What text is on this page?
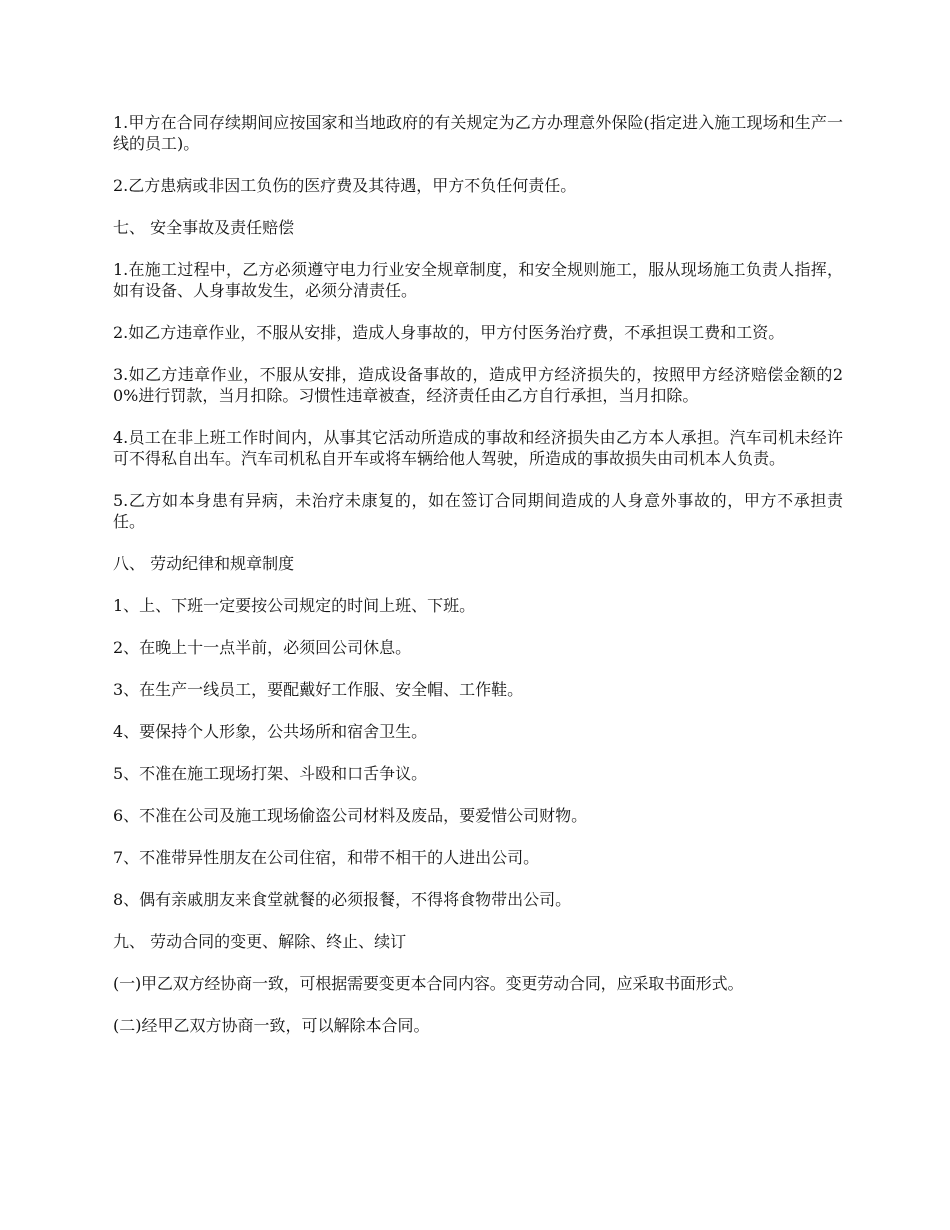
1.甲方在合同存续期间应按国家和当地政府的有关规定为乙方办理意外保险(指定进入施工现场和生产一线的员工)。

2.乙方患病或非因工负伤的医疗费及其待遇，甲方不负任何责任。

七、 安全事故及责任赔偿

1.在施工过程中，乙方必须遵守电力行业安全规章制度，和安全规则施工，服从现场施工负责人指挥，如有设备、人身事故发生，必须分清责任。

2.如乙方违章作业，不服从安排，造成人身事故的，甲方付医务治疗费，不承担误工费和工资。

3.如乙方违章作业，不服从安排，造成设备事故的，造成甲方经济损失的，按照甲方经济赔偿金额的20%进行罚款，当月扣除。习惯性违章被查，经济责任由乙方自行承担，当月扣除。

4.员工在非上班工作时间内，从事其它活动所造成的事故和经济损失由乙方本人承担。汽车司机未经许可不得私自出车。汽车司机私自开车或将车辆给他人驾驶，所造成的事故损失由司机本人负责。

5.乙方如本身患有异病，未治疗未康复的，如在签订合同期间造成的人身意外事故的，甲方不承担责任。

八、 劳动纪律和规章制度

1、上、下班一定要按公司规定的时间上班、下班。

2、在晚上十一点半前，必须回公司休息。

3、在生产一线员工，要配戴好工作服、安全帽、工作鞋。

4、要保持个人形象，公共场所和宿舍卫生。

5、不准在施工现场打架、斗殴和口舌争议。

6、不准在公司及施工现场偷盗公司材料及废品，要爱惜公司财物。

7、不准带异性朋友在公司住宿，和带不相干的人进出公司。

8、偶有亲戚朋友来食堂就餐的必须报餐，不得将食物带出公司。

九、 劳动合同的变更、解除、终止、续订

(一)甲乙双方经协商一致，可根据需要变更本合同内容。变更劳动合同，应采取书面形式。

(二)经甲乙双方协商一致，可以解除本合同。
